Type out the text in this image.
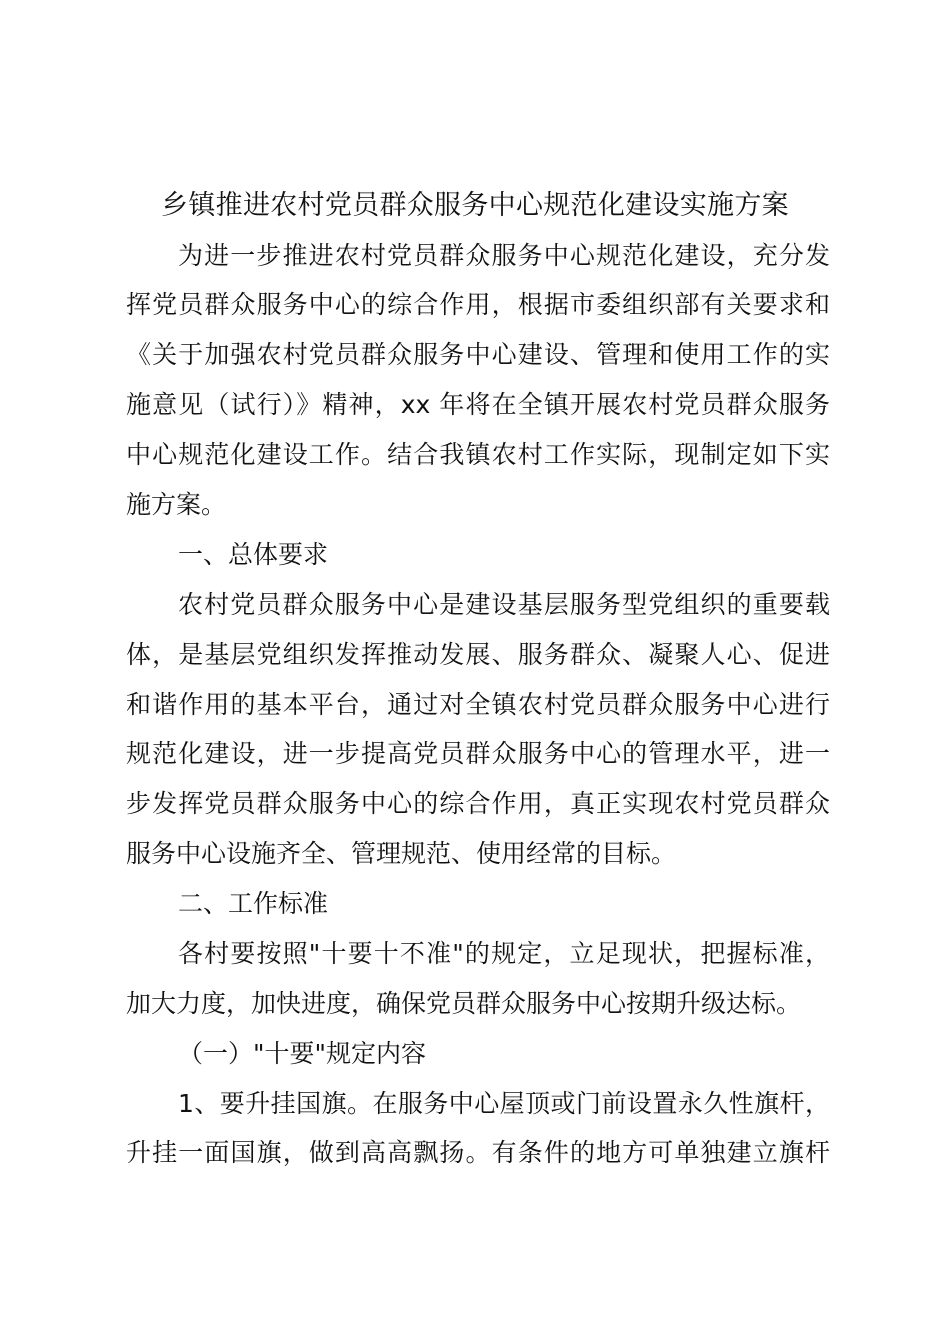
乡镇推进农村党员群众服务中心规范化建设实施方案
为进一步推进农村党员群众服务中心规范化建设，充分发
挥党员群众服务中心的综合作用，根据市委组织部有关要求和
《关于加强农村党员群众服务中心建设、管理和使用工作的实
施意见（试行）》精神，xx 年将在全镇开展农村党员群众服务
中心规范化建设工作。结合我镇农村工作实际，现制定如下实
施方案。
一、总体要求
农村党员群众服务中心是建设基层服务型党组织的重要载
体，是基层党组织发挥推动发展、服务群众、凝聚人心、促进
和谐作用的基本平台，通过对全镇农村党员群众服务中心进行
规范化建设，进一步提高党员群众服务中心的管理水平，进一
步发挥党员群众服务中心的综合作用，真正实现农村党员群众
服务中心设施齐全、管理规范、使用经常的目标。
二、工作标准
各村要按照"十要十不准"的规定，立足现状，把握标准，
加大力度，加快进度，确保党员群众服务中心按期升级达标。
（一）"十要"规定内容
1、要升挂国旗。在服务中心屋顶或门前设置永久性旗杆，
升挂一面国旗，做到高高飘扬。有条件的地方可单独建立旗杆
